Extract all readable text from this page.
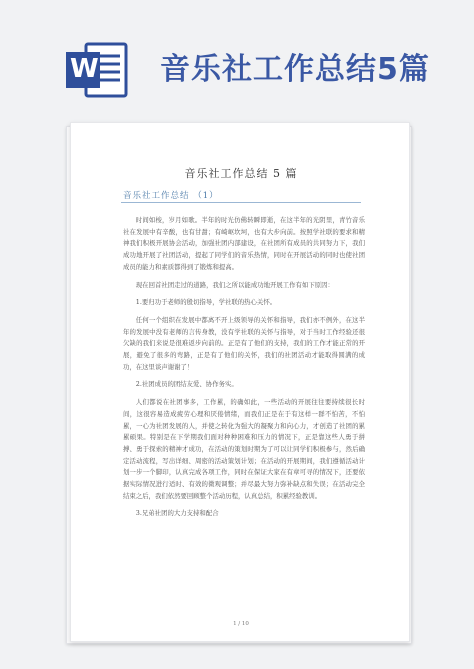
W 音乐社工作总结5篇
音乐社工作总结 5 篇
音乐社工作总结 （1）

时间如梭，岁月如歌。半年的时光仿佛转瞬即逝，在这半年的光阴里，青竹音乐社在发展中有辛酸，也有甘甜；有崎岖坎坷，也有大步向前。按照学社联的要求和精神我们积极开展协会活动，加强社团内部建设，在社团所有成员的共同努力下，我们成功地开展了社团活动，提起了同学们的音乐热情，同时在开展活动的同时也使社团成员的能力和素质都得到了锻炼和提高。

现在回首社团走过的道路，我们之所以能成功地开展工作有如下原因：

1.要归功于老师的殷切指导，学社联的热心关怀。

任何一个组织在发展中都离不开上级领导的关怀和指导，我们亦不例外，在这半年的发展中没有老师的言传身教，没有学社联的关怀与指导，对于当时工作经验还很欠缺的我们来说是很难返步向前的。正是有了他们的支持，我们的工作才能正常的开展，避免了很多的弯路，正是有了他们的关怀，我们的社团活动才能取得圆满的成功，在这里谈声谢谢了！

2.社团成员的团结友爱、协作务实。

人们都说在社团事多，工作累，的确如此，一些活动的开展往往要持续很长时间，这很容易造成疲劳心理和厌倦情绪，而我们正是在于有这样一群不怕苦，不怕累，一心为社团发展的人，并使之转化为强大的凝聚力和向心力，才创造了社团的累累硕果。特别是在下学期我们面对种种困难和压力的情况下，正是靠这些人勇于拼搏、勇于探索的精神才成功，在活动的策划时期为了可以让同学们积极参与，然后确定活动流程，写出详细、周密的活动策划计划；在活动的开展期间，我们遵循活动计划一步一个脚印，认真完成各项工作，同时在保证大家在有章可寻的情况下，还要依据实际情况进行适时、有效的微观调整；并尽最大努力弥补缺点和失误；在活动完全结束之后，我们依然要回顾整个活动历程，认真总结，积累经验教训。

3.兄弟社团的大力支持和配合

1 / 10
